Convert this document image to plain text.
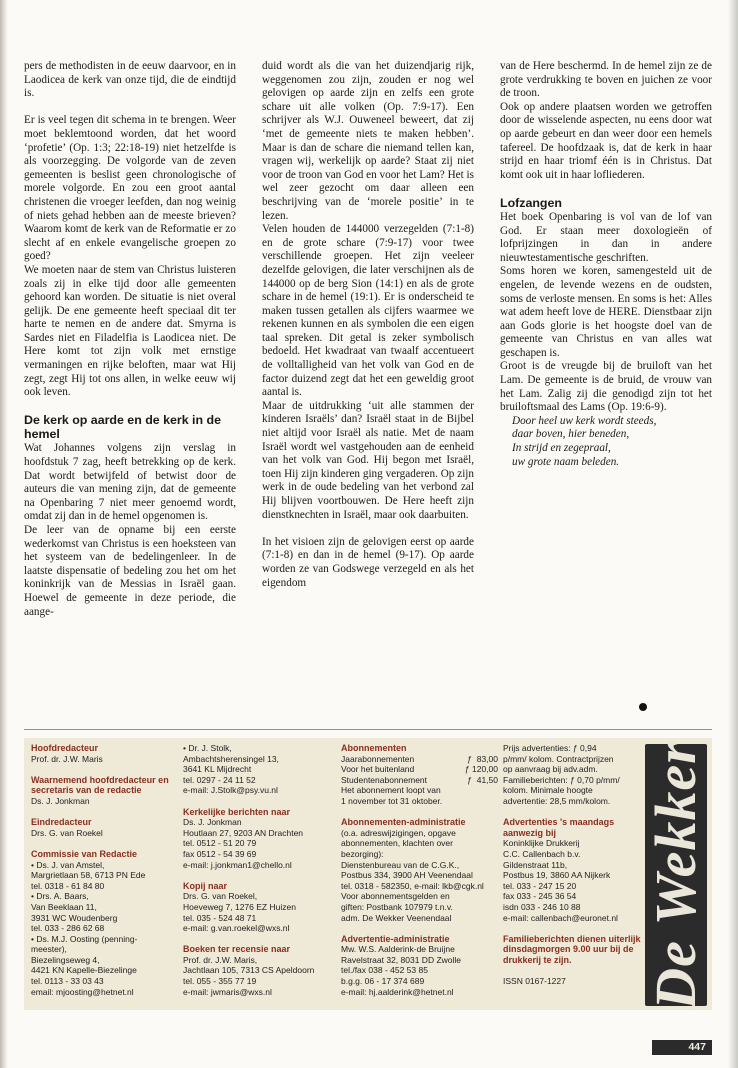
pers de methodisten in de eeuw daarvoor, en in Laodicea de kerk van onze tijd, die de eindtijd is.

Er is veel tegen dit schema in te brengen. Weer moet beklemtoond worden, dat het woord ‘profetie’ (Op. 1:3; 22:18-19) niet hetzelfde is als voorzegging. De volgorde van de zeven gemeenten is beslist geen chronologische of morele volgorde. En zou een groot aantal christenen die vroeger leefden, dan nog weinig of niets gehad hebben aan de meeste brieven? Waarom komt de kerk van de Reformatie er zo slecht af en enkele evangelische groepen zo goed?

We moeten naar de stem van Christus luisteren zoals zij in elke tijd door alle gemeenten gehoord kan worden. De situatie is niet overal gelijk. De ene gemeente heeft speciaal dit ter harte te nemen en de andere dat. Smyrna is Sardes niet en Filadelfia is Laodicea niet. De Here komt tot zijn volk met ernstige vermaningen en rijke beloften, maar wat Hij zegt, zegt Hij tot ons allen, in welke eeuw wij ook leven.

De kerk op aarde en de kerk in de hemel

Wat Johannes volgens zijn verslag in hoofdstuk 7 zag, heeft betrekking op de kerk. Dat wordt betwijfeld of betwist door de auteurs die van mening zijn, dat de gemeente na Openbaring 7 niet meer genoemd wordt, omdat zij dan in de hemel opgenomen is.

De leer van de opname bij een eerste wederkomst van Christus is een hoeksteen van het systeem van de bedelingenleer. In de laatste dispensatie of bedeling zou het om het koninkrijk van de Messias in Israël gaan. Hoewel de gemeente in deze periode, die aange-

duid wordt als die van het duizendjarig rijk, weggenomen zou zijn, zouden er nog wel gelovigen op aarde zijn en zelfs een grote schare uit alle volken (Op. 7:9-17). Een schrijver als W.J. Ouweneel beweert, dat zij ‘met de gemeente niets te maken hebben’. Maar is dan de schare die niemand tellen kan, vragen wij, werkelijk op aarde? Staat zij niet voor de troon van God en voor het Lam? Het is wel zeer gezocht om daar alleen een beschrijving van de ‘morele positie’ in te lezen.

Velen houden de 144000 verzegelden (7:1-8) en de grote schare (7:9-17) voor twee verschillende groepen. Het zijn veeleer dezelfde gelovigen, die later verschijnen als de 144000 op de berg Sion (14:1) en als de grote schare in de hemel (19:1). Er is onderscheid te maken tussen getallen als cijfers waarmee we rekenen kunnen en als symbolen die een eigen taal spreken. Dit getal is zeker symbolisch bedoeld. Het kwadraat van twaalf accentueert de volltalligheid van het volk van God en de factor duizend zegt dat het een geweldig groot aantal is.

Maar de uitdrukking ‘uit alle stammen der kinderen Israëls’ dan? Israël staat in de Bijbel niet altijd voor Israël als natie. Met de naam Israël wordt wel vastgehouden aan de eenheid van het volk van God. Hij begon met Israël, toen Hij zijn kinderen ging vergaderen. Op zijn werk in de oude bedeling van het verbond zal Hij blijven voortbouwen. De Here heeft zijn dienstknechten in Israël, maar ook daarbuiten.

In het visioen zijn de gelovigen eerst op aarde (7:1-8) en dan in de hemel (9-17). Op aarde worden ze van Godswege verzegeld en als het eigendom

van de Here beschermd. In de hemel zijn ze de grote verdrukking te boven en juichen ze voor de troon.

Ook op andere plaatsen worden we getroffen door de wisselende aspecten, nu eens door wat op aarde gebeurt en dan weer door een hemels tafereel. De hoofdzaak is, dat de kerk in haar strijd en haar triomf één is in Christus. Dat komt ook uit in haar lofliederen.

Lofzangen

Het boek Openbaring is vol van de lof van God. Er staan meer doxologieën of lofprijzingen in dan in andere nieuwtestamentische geschriften.

Soms horen we koren, samengesteld uit de engelen, de levende wezens en de oudsten, soms de verloste mensen. En soms is het: Alles wat adem heeft love de HERE. Dienstbaar zijn aan Gods glorie is het hoogste doel van de gemeente van Christus en van alles wat geschapen is.

Groot is de vreugde bij de bruiloft van het Lam. De gemeente is de bruid, de vrouw van het Lam. Zalig zij die genodigd zijn tot het bruiloftsmaal des Lams (Op. 19:6-9).

Door heel uw kerk wordt steeds,
daar boven, hier beneden,
In strijd en zegepraal,
uw grote naam beleden.
Hoofdredacteur
Prof. dr. J.W. Maris
Waarnemend hoofdredacteur en secretaris van de redactie
Ds. J. Jonkman
Eindredacteur
Drs. G. van Roekel
Commissie van Redactie
• Ds. J. van Amstel,
Margrietlaan 58, 6713 PN Ede
tel. 0318 - 61 84 80
• Drs. A. Baars,
Van Beeklaan 11,
3931 WC Woudenberg
tel. 033 - 286 62 68
• Ds. M.J. Oosting (penning-
meester),
Biezelingseweg 4,
4421 KN Kapelle-Biezelinge
tel. 0113 - 33 03 43
email: mjoosting@hetnet.nl
• Dr. J. Stolk,
Ambachtsherensingel 13,
3641 KL Mijdrecht
tel. 0297 - 24 11 52
e-mail: J.Stolk@psy.vu.nl
Kerkelijke berichten naar
Ds. J. Jonkman
Houtlaan 27, 9203 AN Drachten
tel. 0512 - 51 20 79
fax 0512 - 54 39 69
e-mail: j.jonkman1@chello.nl
Kopij naar
Drs. G. van Roekel,
Hoeveweg 7, 1276 EZ Huizen
tel. 035 - 524 48 71
e-mail: g.van.roekel@wxs.nl
Boeken ter recensie naar
Prof. dr. J.W. Maris,
Jachtlaan 105, 7313 CS Apeldoorn
tel. 055 - 355 77 19
e-mail: jwmaris@wxs.nl
Abonnementen
Jaarabonnementen	ƒ  83,00
Voor het buitenland	ƒ 120,00
Studentenabonnement	ƒ  41,50
Het abonnement loopt van
1 november tot 31 oktober.
Abonnementen-administratie
(o.a. adreswijzigingen, opgave
abonnementen, klachten over
bezorging):
Dienstenbureau van de C.G.K.,
Postbus 334, 3900 AH Veenendaal
tel. 0318 - 582350, e-mail: lkb@cgk.nl
Voor abonnementsgelden en
giften: Postbank 107979 t.n.v.
adm. De Wekker Veenendaal
Advertentie-administratie
Mw. W.S. Aalderink-de Bruijne
Ravelstraat 32, 8031 DD Zwolle
tel./fax 038 - 452 53 85
b.g.g. 06 - 17 374 689
e-mail: hj.aalderink@hetnet.nl
Prijs advertenties: ƒ 0,94
p/mm/ kolom. Contractprijzen
op aanvraag bij adv.adm.
Familieberichten: ƒ 0,70 p/mm/
kolom. Minimale hoogte
advertentie: 28,5 mm/kolom.
Advertenties 's maandags aanwezig bij
Koninklijke Drukkerij
C.C. Callenbach b.v.
Gildenstraat 11b,
Postbus 19, 3860 AA Nijkerk
tel. 033 - 247 15 20
fax 033 - 245 36 54
isdn 033 - 246 10 88
e-mail: callenbach@euronet.nl
Familieberichten dienen uiterlijk dinsdagmorgen 9.00 uur bij de drukkerij te zijn.
ISSN 0167-1227	De Wekker
447
